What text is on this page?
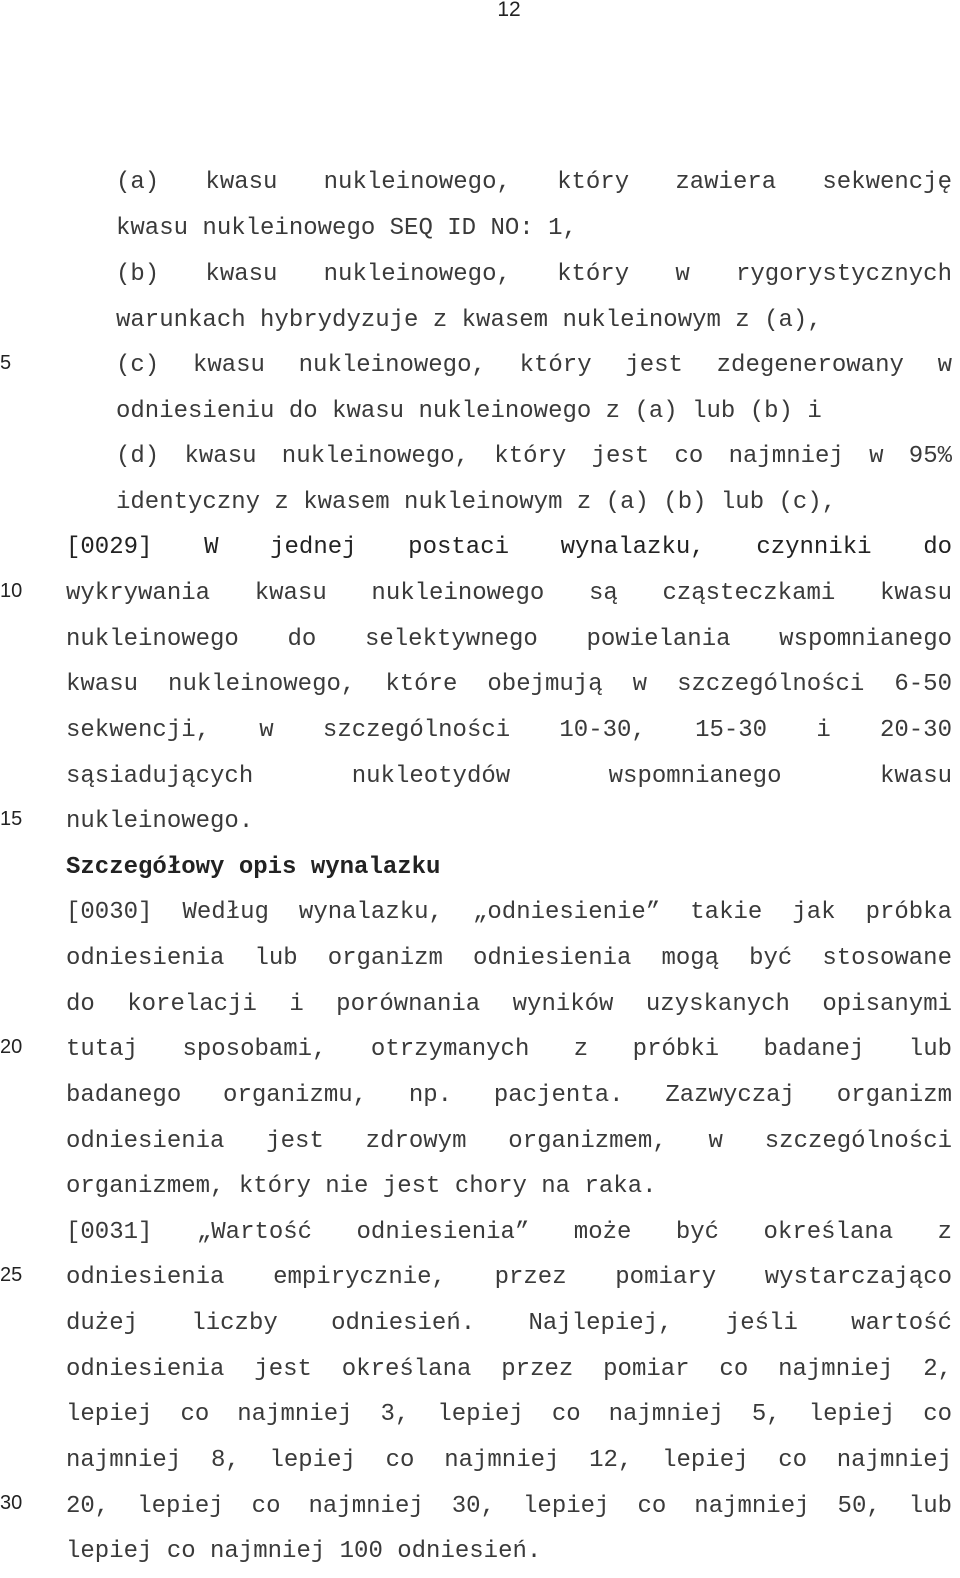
12
5
10
15
20
25
30
(a) kwasu nukleinowego, który zawiera sekwencję
kwasu nukleinowego SEQ ID NO: 1,
(b) kwasu nukleinowego, który w rygorystycznych
warunkach hybrydyzuje z kwasem nukleinowym z (a),
(c) kwasu nukleinowego, który jest zdegenerowany w
odniesieniu do kwasu nukleinowego z (a) lub (b) i
(d) kwasu nukleinowego, który jest co najmniej w 95%
identyczny z kwasem nukleinowym z (a) (b) lub (c),
[0029] W jednej postaci wynalazku, czynniki do
wykrywania kwasu nukleinowego są cząsteczkami kwasu
nukleinowego do selektywnego powielania wspomnianego
kwasu nukleinowego, które obejmują w szczególności 6-50
sekwencji, w szczególności 10-30, 15-30 i 20-30
sąsiadujących nukleotydów wspomnianego kwasu
nukleinowego.
Szczegółowy opis wynalazku
[0030] Według wynalazku, „odniesienie” takie jak próbka
odniesienia lub organizm odniesienia mogą być stosowane
do korelacji i porównania wyników uzyskanych opisanymi
tutaj sposobami, otrzymanych z próbki badanej lub
badanego organizmu, np. pacjenta. Zazwyczaj organizm
odniesienia jest zdrowym organizmem, w szczególności
organizmem, który nie jest chory na raka.
[0031] „Wartość odniesienia” może być określana z
odniesienia empirycznie, przez pomiary wystarczająco
dużej liczby odniesień. Najlepiej, jeśli wartość
odniesienia jest określana przez pomiar co najmniej 2,
lepiej co najmniej 3, lepiej co najmniej 5, lepiej co
najmniej 8, lepiej co najmniej 12, lepiej co najmniej
20, lepiej co najmniej 30, lepiej co najmniej 50, lub
lepiej co najmniej 100 odniesień.
